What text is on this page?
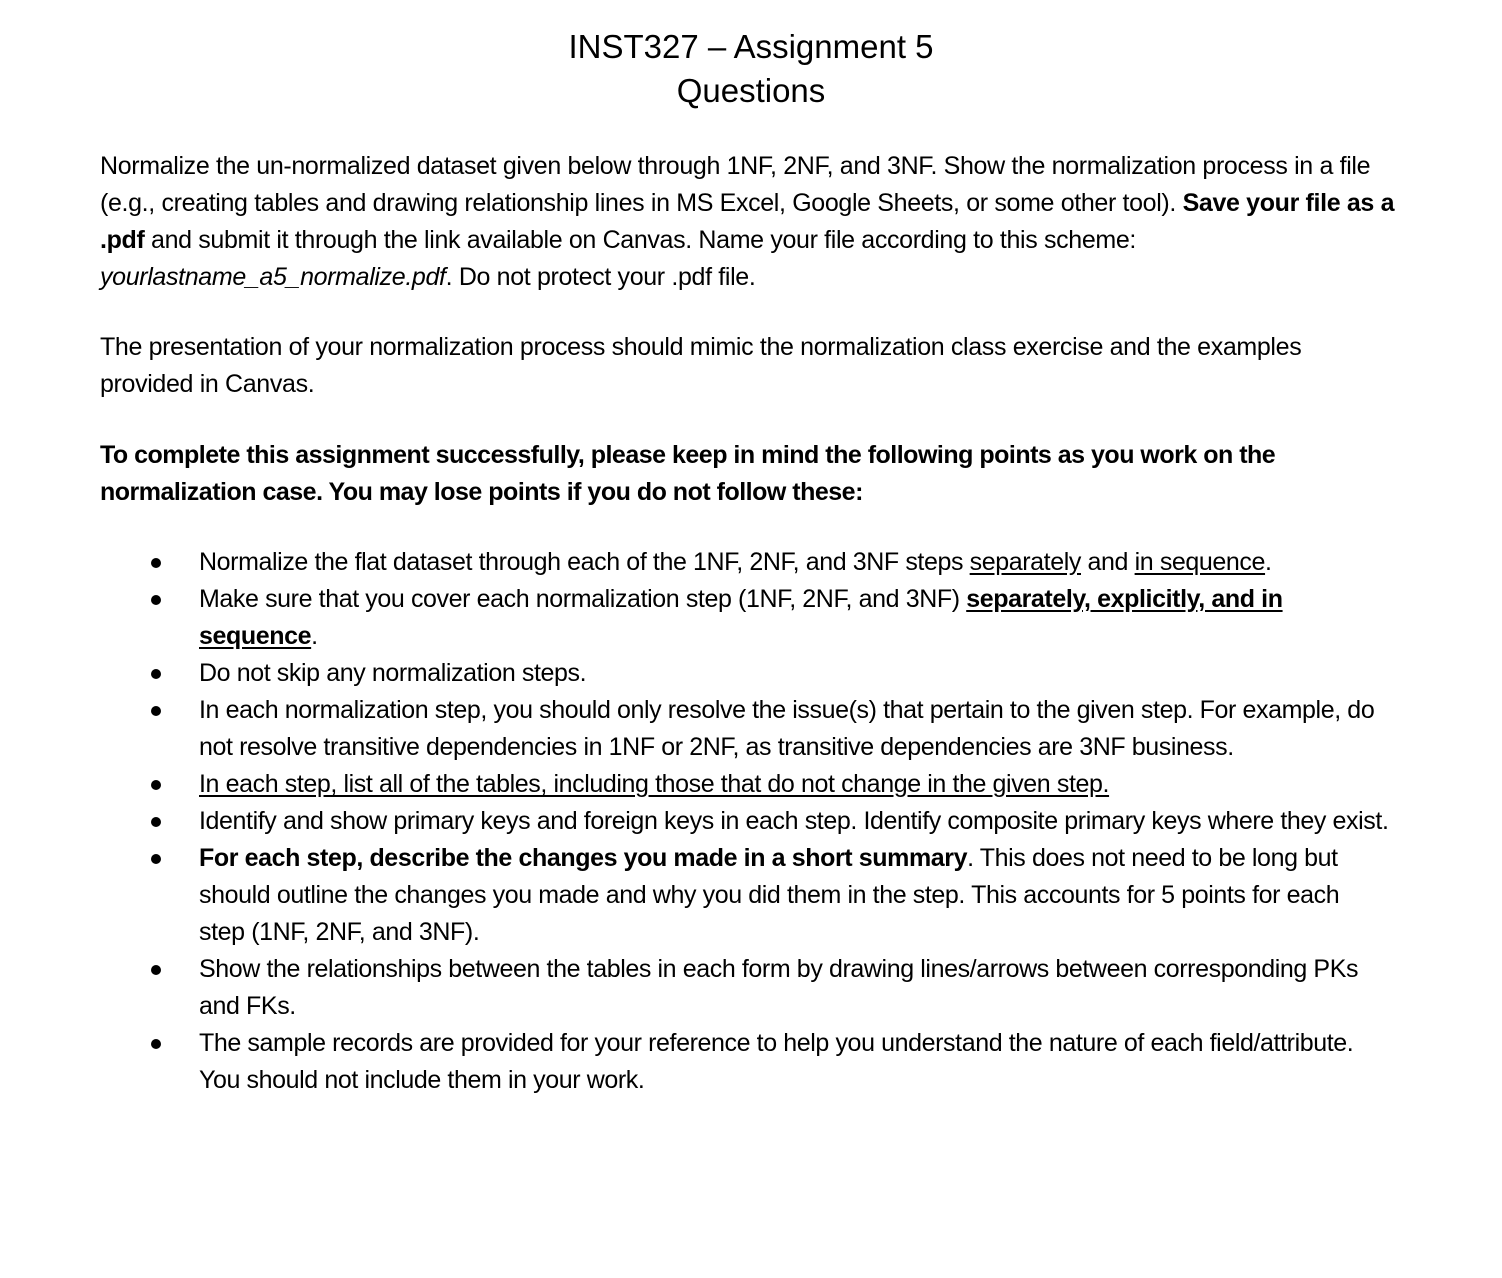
INST327 – Assignment 5
Questions
Normalize the un-normalized dataset given below through 1NF, 2NF, and 3NF. Show the normalization process in a file (e.g., creating tables and drawing relationship lines in MS Excel, Google Sheets, or some other tool). Save your file as a .pdf and submit it through the link available on Canvas. Name your file according to this scheme: yourlastname_a5_normalize.pdf. Do not protect your .pdf file.
The presentation of your normalization process should mimic the normalization class exercise and the examples provided in Canvas.
To complete this assignment successfully, please keep in mind the following points as you work on the normalization case. You may lose points if you do not follow these:
Normalize the flat dataset through each of the 1NF, 2NF, and 3NF steps separately and in sequence.
Make sure that you cover each normalization step (1NF, 2NF, and 3NF) separately, explicitly, and in sequence.
Do not skip any normalization steps.
In each normalization step, you should only resolve the issue(s) that pertain to the given step. For example, do not resolve transitive dependencies in 1NF or 2NF, as transitive dependencies are 3NF business.
In each step, list all of the tables, including those that do not change in the given step.
Identify and show primary keys and foreign keys in each step. Identify composite primary keys where they exist.
For each step, describe the changes you made in a short summary. This does not need to be long but should outline the changes you made and why you did them in the step. This accounts for 5 points for each step (1NF, 2NF, and 3NF).
Show the relationships between the tables in each form by drawing lines/arrows between corresponding PKs and FKs.
The sample records are provided for your reference to help you understand the nature of each field/attribute. You should not include them in your work.
